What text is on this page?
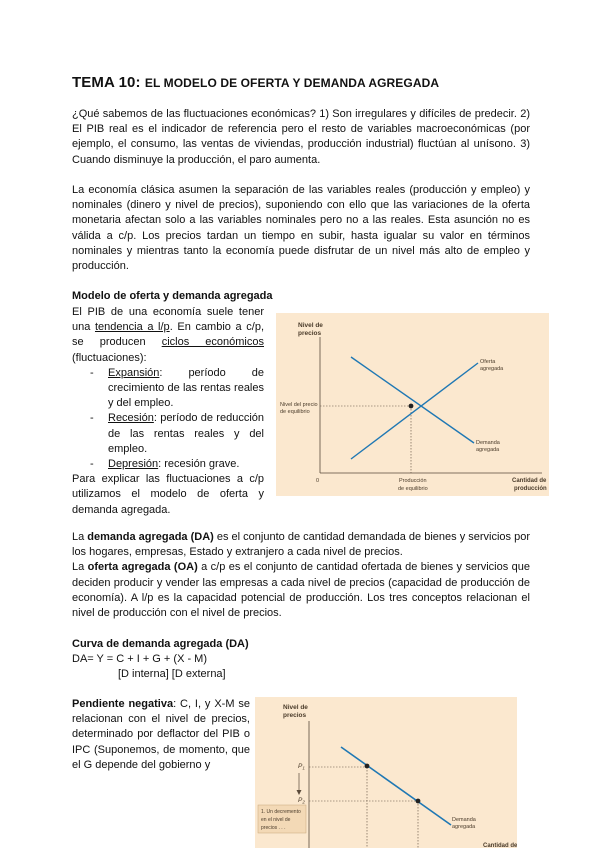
TEMA 10: EL MODELO DE OFERTA Y DEMANDA AGREGADA

¿Qué sabemos de las fluctuaciones económicas? 1) Son irregulares y difíciles de predecir. 2) El PIB real es el indicador de referencia pero el resto de variables macroeconómicas (por ejemplo, el consumo, las ventas de viviendas, producción industrial) fluctúan al unísono. 3) Cuando disminuye la producción, el paro aumenta.

La economía clásica asumen la separación de las variables reales (producción y empleo) y nominales (dinero y nivel de precios), suponiendo con ello que las variaciones de la oferta monetaria afectan solo a las variables nominales pero no a las reales. Esta asunción no es válida a c/p. Los precios tardan un tiempo en subir, hasta igualar su valor en términos nominales y mientras tanto la economía puede disfrutar de un nivel más alto de empleo y producción.

Modelo de oferta y demanda agregada
El PIB de una economía suele tener una tendencia a l/p. En cambio a c/p, se producen ciclos económicos (fluctuaciones):
- Expansión: período de crecimiento de las rentas reales y del empleo.
- Recesión: período de reducción de las rentas reales y del empleo.
- Depresión: recesión grave.
Para explicar las fluctuaciones a c/p utilizamos el modelo de oferta y demanda agregada.
Nivel de
precios
Oferta
agregada
Demanda
agregada
Nivel del precio
de equilibrio
0	Producción
de equilibrio
Cantidad de
producción

La demanda agregada (DA) es el conjunto de cantidad demandada de bienes y servicios por los hogares, empresas, Estado y extranjero a cada nivel de precios.

La oferta agregada (OA) a c/p es el conjunto de cantidad ofertada de bienes y servicios que deciden producir y vender las empresas a cada nivel de precios (capacidad de producción de economía). A l/p es la capacidad potencial de producción. Los tres conceptos relacionan el nivel de producción con el nivel de precios.

Curva de demanda agregada (DA)
DA= Y = C + I + G + (X - M)
[D interna] [D externa]
Pendiente negativa: C, I, y X-M se relacionan con el nivel de precios, determinado por deflactor del PIB o IPC (Suponemos, de momento, que el G depende del gobierno y
Nivel de
precios
$P_1$
$P_2$
1. Un decremento
en el nivel de
precios . . .
Demanda
agregada
Cantidad de
